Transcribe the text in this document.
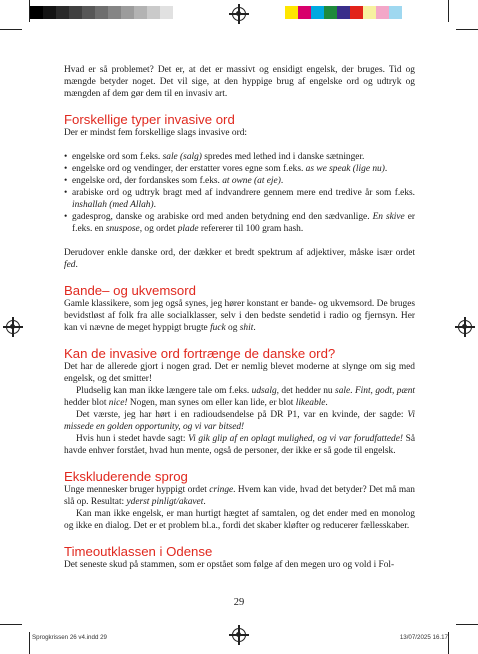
Hvad er så problemet? Det er, at det er massivt og ensidigt engelsk, der bruges. Tid og mængde betyder noget. Det vil sige, at den hyppige brug af engelske ord og udtryk og mængden af dem gør dem til en invasiv art.

Forskellige typer invasive ord

Der er mindst fem forskellige slags invasive ord:

• engelske ord som f.eks. sale (salg) spredes med lethed ind i danske sætninger.
• engelske ord og vendinger, der erstatter vores egne som f.eks. as we speak (lige nu).
• engelske ord, der fordanskes som f.eks. at owne (at eje).
• arabiske ord og udtryk bragt med af indvandrere gennem mere end tredive år som f.eks. inshallah (med Allah).
• gadesprog, danske og arabiske ord med anden betydning end den sædvanlige. En skive er f.eks. en snuspose, og ordet plade refererer til 100 gram hash.

Derudover enkle danske ord, der dækker et bredt spektrum af adjektiver, måske især ordet fed.

Bande– og ukvemsord

Gamle klassikere, som jeg også synes, jeg hører konstant er bande- og ukvemsord. De bruges bevidstløst af folk fra alle socialklasser, selv i den bedste sendetid i radio og fjernsyn. Her kan vi nævne de meget hyppigt brugte fuck og shit.

Kan de invasive ord fortrænge de danske ord?

Det har de allerede gjort i nogen grad. Det er nemlig blevet moderne at slynge om sig med engelsk, og det smitter!

Pludselig kan man ikke længere tale om f.eks. udsalg, det hedder nu sale. Fint, godt, pænt hedder blot nice! Nogen, man synes om eller kan lide, er blot likeable.

Det værste, jeg har hørt i en radioudsendelse på DR P1, var en kvinde, der sagde: Vi missede en golden opportunity, og vi var bitsed!

Hvis hun i stedet havde sagt: Vi gik glip af en oplagt mulighed, og vi var forudfattede! Så havde enhver forstået, hvad hun mente, også de personer, der ikke er så gode til engelsk.

Ekskluderende sprog

Unge mennesker bruger hyppigt ordet cringe. Hvem kan vide, hvad det betyder? Det må man slå op. Resultat: yderst pinligt/akavet.

Kan man ikke engelsk, er man hurtigt hægtet af samtalen, og det ender med en monolog og ikke en dialog. Det er et problem bl.a., fordi det skaber kløfter og reducerer fællesskaber.

Timeoutklassen i Odense

Det seneste skud på stammen, som er opstået som følge af den megen uro og vold i Fol-

29
Sprogkrissen 26 v4.indd 29	13/07/2025 16.17
